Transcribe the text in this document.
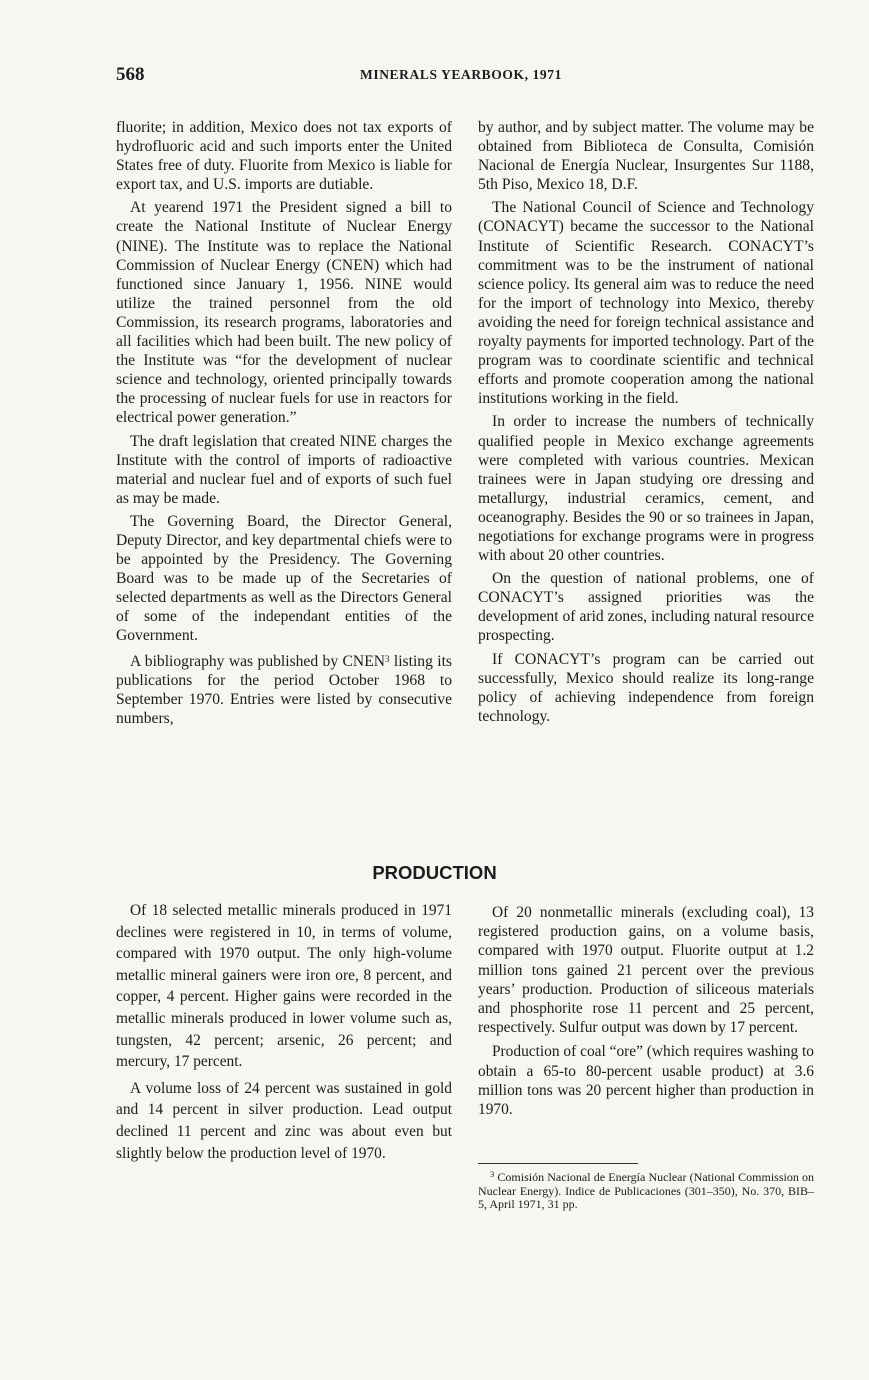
568	MINERALS YEARBOOK, 1971

fluorite; in addition, Mexico does not tax exports of hydrofluoric acid and such imports enter the United States free of duty. Fluorite from Mexico is liable for export tax, and U.S. imports are dutiable.

At yearend 1971 the President signed a bill to create the National Institute of Nuclear Energy (NINE). The Institute was to replace the National Commission of Nuclear Energy (CNEN) which had functioned since January 1, 1956. NINE would utilize the trained personnel from the old Commission, its research programs, laboratories and all facilities which had been built. The new policy of the Institute was “for the development of nuclear science and technology, oriented principally towards the processing of nuclear fuels for use in reactors for electrical power generation.”

The draft legislation that created NINE charges the Institute with the control of imports of radioactive material and nuclear fuel and of exports of such fuel as may be made.

The Governing Board, the Director General, Deputy Director, and key departmental chiefs were to be appointed by the Presidency. The Governing Board was to be made up of the Secretaries of selected departments as well as the Directors General of some of the independant entities of the Government.

A bibliography was published by CNEN$^3$ listing its publications for the period October 1968 to September 1970. Entries were listed by consecutive numbers,

by author, and by subject matter. The volume may be obtained from Biblioteca de Consulta, Comisión Nacional de Energía Nuclear, Insurgentes Sur 1188, 5th Piso, Mexico 18, D.F.

The National Council of Science and Technology (CONACYT) became the successor to the National Institute of Scientific Research. CONACYT’s commitment was to be the instrument of national science policy. Its general aim was to reduce the need for the import of technology into Mexico, thereby avoiding the need for foreign technical assistance and royalty payments for imported technology. Part of the program was to coordinate scientific and technical efforts and promote cooperation among the national institutions working in the field.

In order to increase the numbers of technically qualified people in Mexico exchange agreements were completed with various countries. Mexican trainees were in Japan studying ore dressing and metallurgy, industrial ceramics, cement, and oceanography. Besides the 90 or so trainees in Japan, negotiations for exchange programs were in progress with about 20 other countries.

On the question of national problems, one of CONACYT’s assigned priorities was the development of arid zones, including natural resource prospecting.

If CONACYT’s program can be carried out successfully, Mexico should realize its long-range policy of achieving independence from foreign technology.

PRODUCTION

Of 18 selected metallic minerals produced in 1971 declines were registered in 10, in terms of volume, compared with 1970 output. The only high-volume metallic mineral gainers were iron ore, 8 percent, and copper, 4 percent. Higher gains were recorded in the metallic minerals produced in lower volume such as, tungsten, 42 percent; arsenic, 26 percent; and mercury, 17 percent.

A volume loss of 24 percent was sustained in gold and 14 percent in silver production. Lead output declined 11 percent and zinc was about even but slightly below the production level of 1970.

Of 20 nonmetallic minerals (excluding coal), 13 registered production gains, on a volume basis, compared with 1970 output. Fluorite output at 1.2 million tons gained 21 percent over the previous years’ production. Production of siliceous materials and phosphorite rose 11 percent and 25 percent, respectively. Sulfur output was down by 17 percent.

Production of coal “ore” (which requires washing to obtain a 65-to 80-percent usable product) at 3.6 million tons was 20 percent higher than production in 1970.

$^3$ Comisión Nacional de Energía Nuclear (National Commission on Nuclear Energy). Indice de Publicaciones (301–350), No. 370, BIB–5, April 1971, 31 pp.
